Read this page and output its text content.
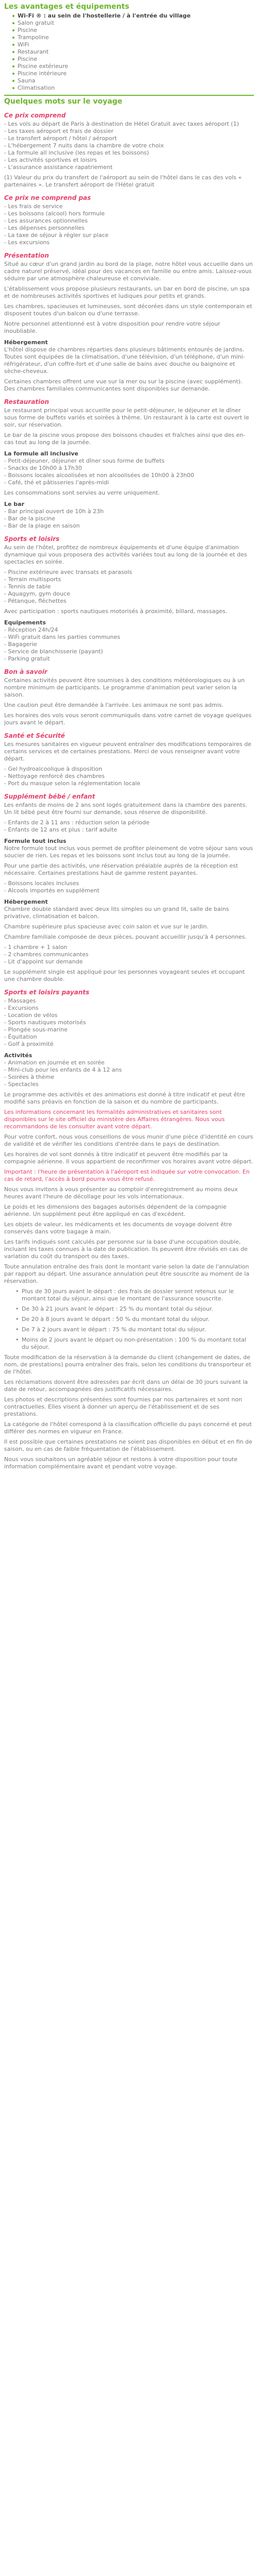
Les avantages et équipements
Wi-Fi ® : au sein de l'hostellerie / à l'entrée du village
Salon gratuit
Piscine
Trampoline
WiFi
Restaurant
Piscine
Piscine extérieure
Piscine intérieure
Sauna
Climatisation
Quelques mots sur le voyage
Ce prix comprend
- Les vols au départ de Paris à destination de Hétel Gratuit avec taxes aéroport (1)
- Les taxes aéroport et frais de dossier
- Le transfert aéroport / hôtel / aéroport
- L'hébergement 7 nuits dans la chambre de votre choix
- La formule all inclusive (les repas et les boissons)
- Les activités sportives et loisirs
- L'assurance assistance rapatriement

(1) Valeur du prix du transfert de l'aéroport au sein de l'hôtel dans le cas des vols « partenaires ». Le transfert aéroport de l'Hétel gratuit

Ce prix ne comprend pas
- Les frais de service
- Les boissons (alcool) hors formule
- Les assurances optionnelles
- Les dépenses personnelles
- La taxe de séjour à régler sur place
- Les excursions
Présentation

Situé au cœur d'un grand jardin au bord de la plage, notre hôtel vous accueille dans un cadre naturel préservé, idéal pour des vacances en famille ou entre amis. Laissez-vous séduire par une atmosphère chaleureuse et conviviale.

L'établissement vous propose plusieurs restaurants, un bar en bord de piscine, un spa et de nombreuses activités sportives et ludiques pour petits et grands.

Les chambres, spacieuses et lumineuses, sont décorées dans un style contemporain et disposent toutes d'un balcon ou d'une terrasse.

Notre personnel attentionné est à votre disposition pour rendre votre séjour inoubliable.

Hébergement

L'hôtel dispose de chambres réparties dans plusieurs bâtiments entourés de jardins. Toutes sont équipées de la climatisation, d'une télévision, d'un téléphone, d'un mini-réfrigérateur, d'un coffre-fort et d'une salle de bains avec douche ou baignoire et sèche-cheveux.

Certaines chambres offrent une vue sur la mer ou sur la piscine (avec supplément). Des chambres familiales communicantes sont disponibles sur demande.

Restauration

Le restaurant principal vous accueille pour le petit-déjeuner, le déjeuner et le dîner sous forme de buffets variés et soirées à thème. Un restaurant à la carte est ouvert le soir, sur réservation.

Le bar de la piscine vous propose des boissons chaudes et fraîches ainsi que des en-cas tout au long de la journée.

La formule all inclusive
- Petit-déjeuner, déjeuner et dîner sous forme de buffets
- Snacks de 10h00 à 17h30
- Boissons locales alcoolisées et non alcoolisées de 10h00 à 23h00
- Café, thé et pâtisseries l'après-midi

Les consommations sont servies au verre uniquement.

Le bar
- Bar principal ouvert de 10h à 23h
- Bar de la piscine
- Bar de la plage en saison
Sports et loisirs

Au sein de l'hôtel, profitez de nombreux équipements et d'une équipe d'animation dynamique qui vous proposera des activités variées tout au long de la journée et des spectacles en soirée.

- Piscine extérieure avec transats et parasols
- Terrain multisports
- Tennis de table
- Aquagym, gym douce
- Pétanque, fléchettes

Avec participation : sports nautiques motorisés à proximité, billard, massages.

Equipements
- Réception 24h/24
- WiFi gratuit dans les parties communes
- Bagagerie
- Service de blanchisserie (payant)
- Parking gratuit
Bon à savoir

Certaines activités peuvent être soumises à des conditions météorologiques ou à un nombre minimum de participants. Le programme d'animation peut varier selon la saison.

Une caution peut être demandée à l'arrivée. Les animaux ne sont pas admis.

Les horaires des vols vous seront communiqués dans votre carnet de voyage quelques jours avant le départ.

Santé et Sécurité

Les mesures sanitaires en vigueur peuvent entraîner des modifications temporaires de certains services et de certaines prestations. Merci de vous renseigner avant votre départ.

- Gel hydroalcoolique à disposition
- Nettoyage renforcé des chambres
- Port du masque selon la réglementation locale
Supplément bébé / enfant

Les enfants de moins de 2 ans sont logés gratuitement dans la chambre des parents. Un lit bébé peut être fourni sur demande, sous réserve de disponibilité.

- Enfants de 2 à 11 ans : réduction selon la période
- Enfants de 12 ans et plus : tarif adulte
Formule tout inclus

Notre formule tout inclus vous permet de profiter pleinement de votre séjour sans vous soucier de rien. Les repas et les boissons sont inclus tout au long de la journée.

Pour une partie des activités, une réservation préalable auprès de la réception est nécessaire. Certaines prestations haut de gamme restent payantes.

- Boissons locales incluses
- Alcools importés en supplément
Hébergement

Chambre double standard avec deux lits simples ou un grand lit, salle de bains privative, climatisation et balcon.

Chambre supérieure plus spacieuse avec coin salon et vue sur le jardin.

Chambre familiale composée de deux pièces, pouvant accueillir jusqu'à 4 personnes.

- 1 chambre + 1 salon
- 2 chambres communicantes
- Lit d'appoint sur demande

Le supplément single est appliqué pour les personnes voyageant seules et occupant une chambre double.

Sports et loisirs payants
- Massages
- Excursions
- Location de vélos
- Sports nautiques motorisés
- Plongée sous-marine
- Équitation
- Golf à proximité
Activités
- Animation en journée et en soirée
- Mini-club pour les enfants de 4 à 12 ans
- Soirées à thème
- Spectacles

Le programme des activités et des animations est donné à titre indicatif et peut être modifié sans préavis en fonction de la saison et du nombre de participants.

Les informations concernant les formalités administratives et sanitaires sont disponibles sur le site officiel du ministère des Affaires étrangères. Nous vous recommandons de les consulter avant votre départ.

Pour votre confort, nous vous conseillons de vous munir d'une pièce d'identité en cours de validité et de vérifier les conditions d'entrée dans le pays de destination.

Les horaires de vol sont donnés à titre indicatif et peuvent être modifiés par la compagnie aérienne. Il vous appartient de reconfirmer vos horaires avant votre départ.

Important : l'heure de présentation à l'aéroport est indiquée sur votre convocation. En cas de retard, l'accès à bord pourra vous être refusé.

Nous vous invitons à vous présenter au comptoir d'enregistrement au moins deux heures avant l'heure de décollage pour les vols internationaux.

Le poids et les dimensions des bagages autorisés dépendent de la compagnie aérienne. Un supplément peut être appliqué en cas d'excédent.

Les objets de valeur, les médicaments et les documents de voyage doivent être conservés dans votre bagage à main.

Les tarifs indiqués sont calculés par personne sur la base d'une occupation double, incluant les taxes connues à la date de publication. Ils peuvent être révisés en cas de variation du coût du transport ou des taxes.

Toute annulation entraîne des frais dont le montant varie selon la date de l'annulation par rapport au départ. Une assurance annulation peut être souscrite au moment de la réservation.

• Plus de 30 jours avant le départ : des frais de dossier seront retenus sur le montant total du séjour, ainsi que le montant de l'assurance souscrite.
• De 30 à 21 jours avant le départ : 25 % du montant total du séjour.
• De 20 à 8 jours avant le départ : 50 % du montant total du séjour.
• De 7 à 2 jours avant le départ : 75 % du montant total du séjour.
• Moins de 2 jours avant le départ ou non-présentation : 100 % du montant total du séjour.

Toute modification de la réservation à la demande du client (changement de dates, de nom, de prestations) pourra entraîner des frais, selon les conditions du transporteur et de l'hôtel.

Les réclamations doivent être adressées par écrit dans un délai de 30 jours suivant la date de retour, accompagnées des justificatifs nécessaires.

Les photos et descriptions présentées sont fournies par nos partenaires et sont non contractuelles. Elles visent à donner un aperçu de l'établissement et de ses prestations.

La catégorie de l'hôtel correspond à la classification officielle du pays concerné et peut différer des normes en vigueur en France.

Il est possible que certaines prestations ne soient pas disponibles en début et en fin de saison, ou en cas de faible fréquentation de l'établissement.

Nous vous souhaitons un agréable séjour et restons à votre disposition pour toute information complémentaire avant et pendant votre voyage.
